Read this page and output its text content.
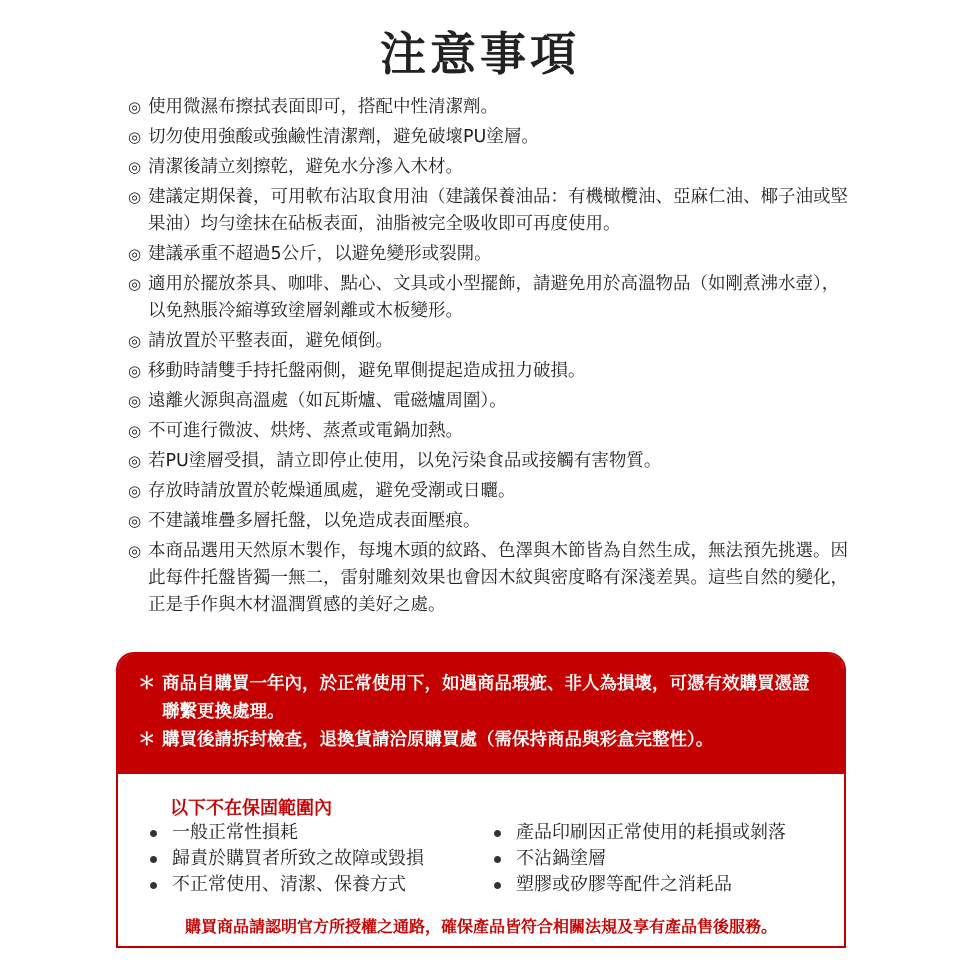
注意事項
◎ 使用微濕布擦拭表面即可，搭配中性清潔劑。
◎ 切勿使用強酸或強鹼性清潔劑，避免破壞PU塗層。
◎ 清潔後請立刻擦乾，避免水分滲入木材。
◎ 建議定期保養，可用軟布沾取食用油（建議保養油品：有機橄欖油、亞麻仁油、椰子油或堅果油）均勻塗抹在砧板表面，油脂被完全吸收即可再度使用。
◎ 建議承重不超過5公斤，以避免變形或裂開。
◎ 適用於擺放茶具、咖啡、點心、文具或小型擺飾，請避免用於高溫物品（如剛煮沸水壺），以免熱脹冷縮導致塗層剝離或木板變形。
◎ 請放置於平整表面，避免傾倒。
◎ 移動時請雙手持托盤兩側，避免單側提起造成扭力破損。
◎ 遠離火源與高溫處（如瓦斯爐、電磁爐周圍）。
◎ 不可進行微波、烘烤、蒸煮或電鍋加熱。
◎ 若PU塗層受損，請立即停止使用，以免污染食品或接觸有害物質。
◎ 存放時請放置於乾燥通風處，避免受潮或日曬。
◎ 不建議堆疊多層托盤，以免造成表面壓痕。
◎ 本商品選用天然原木製作，每塊木頭的紋路、色澤與木節皆為自然生成，無法預先挑選。因此每件托盤皆獨一無二，雷射雕刻效果也會因木紋與密度略有深淺差異。這些自然的變化，正是手作與木材溫潤質感的美好之處。
＊ 商品自購買一年內，於正常使用下，如遇商品瑕疵、非人為損壞，可憑有效購買憑證聯繫更換處理。
＊ 購買後請拆封檢查，退換貨請洽原購買處（需保持商品與彩盒完整性）。
以下不在保固範圍內
一般正常性損耗
歸責於購買者所致之故障或毀損
不正常使用、清潔、保養方式
產品印刷因正常使用的耗損或剝落
不沾鍋塗層
塑膠或矽膠等配件之消耗品
購買商品請認明官方所授權之通路，確保產品皆符合相關法規及享有產品售後服務。
